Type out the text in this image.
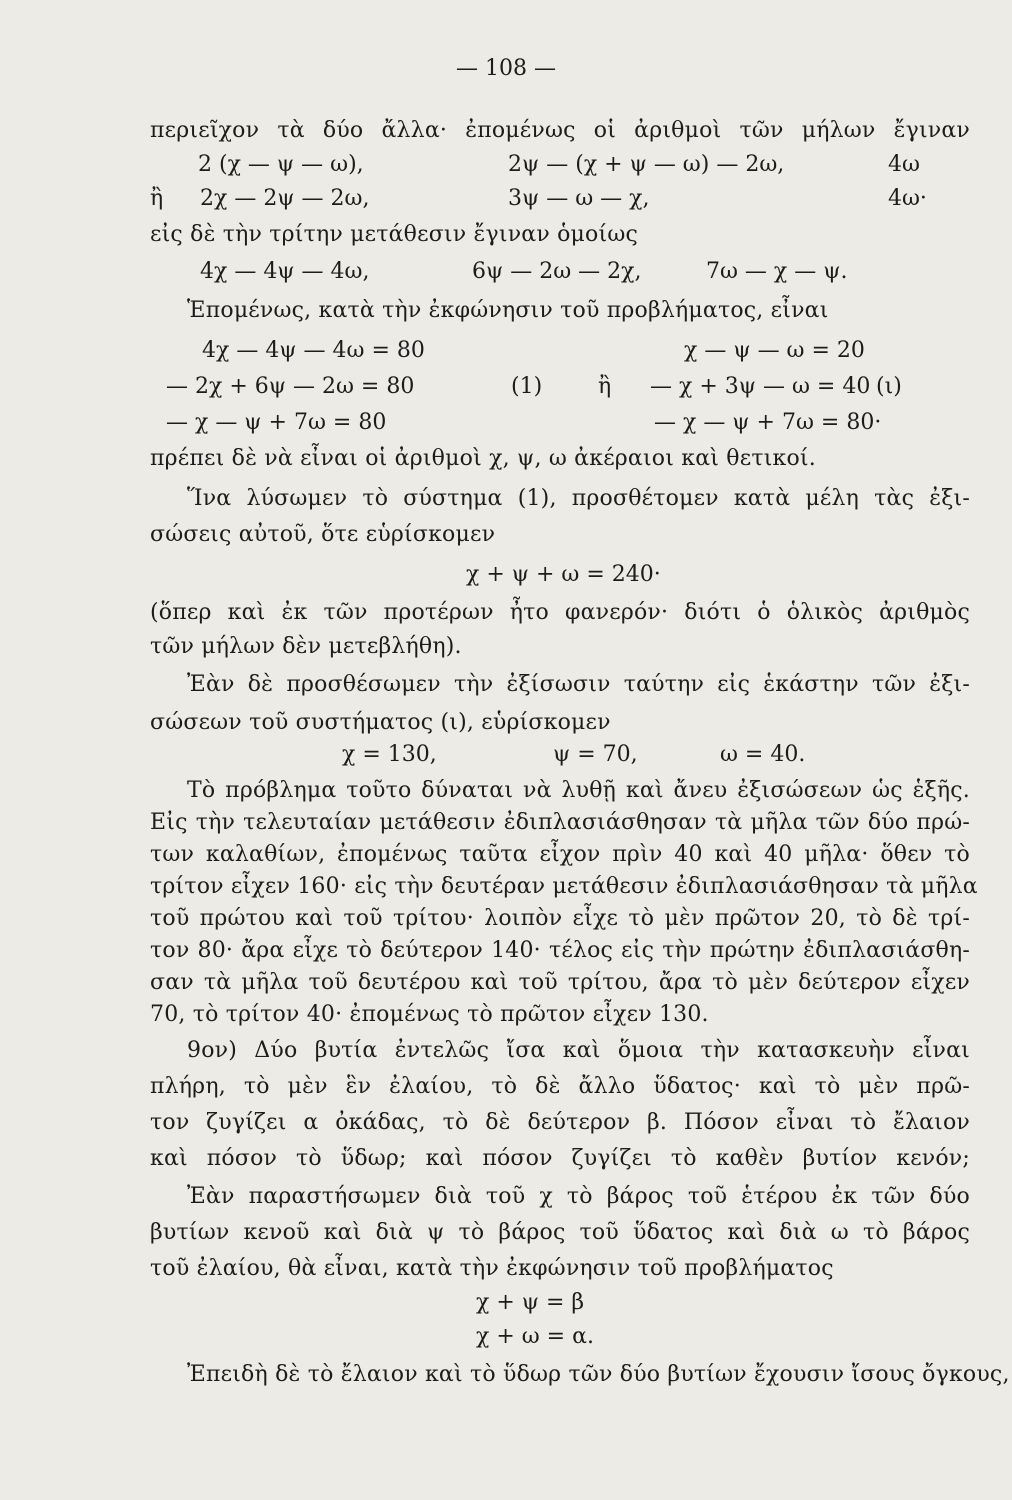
— 108 —
περιεῖχον τὰ δύο ἄλλα· ἐπομένως οἱ ἀριθμοὶ τῶν μήλων ἔγιναν
2 (χ — ψ — ω),	2ψ — (χ + ψ — ω) — 2ω,	4ω
ἢ 2χ — 2ψ — 2ω,	3ψ — ω — χ,	4ω·
εἰς δὲ τὴν τρίτην μετάθεσιν ἔγιναν ὁμοίως
4χ — 4ψ — 4ω,	6ψ — 2ω — 2χ,	7ω — χ — ψ.
Ἑπομένως, κατὰ τὴν ἐκφώνησιν τοῦ προβλήματος, εἶναι
4χ — 4ψ — 4ω = 80	χ — ψ — ω = 20
— 2χ + 6ψ — 2ω = 80	(1)	ἢ — χ + 3ψ — ω = 40 (ι)
— χ — ψ + 7ω = 80	— χ — ψ + 7ω = 80·
πρέπει δὲ νὰ εἶναι οἱ ἀριθμοὶ χ, ψ, ω ἀκέραιοι καὶ θετικοί.
Ἵνα λύσωμεν τὸ σύστημα (1), προσθέτομεν κατὰ μέλη τὰς ἐξι-
σώσεις αὐτοῦ, ὅτε εὑρίσκομεν
χ + ψ + ω = 240·
(ὅπερ καὶ ἐκ τῶν προτέρων ἦτο φανερόν· διότι ὁ ὁλικὸς ἀριθμὸς
τῶν μήλων δὲν μετεβλήθη).
Ἐὰν δὲ προσθέσωμεν τὴν ἐξίσωσιν ταύτην εἰς ἑκάστην τῶν ἐξι-
σώσεων τοῦ συστήματος (ι), εὑρίσκομεν
χ = 130,	ψ = 70,	ω = 40.
Τὸ πρόβλημα τοῦτο δύναται νὰ λυθῇ καὶ ἄνευ ἐξισώσεων ὡς ἑξῆς.
Εἰς τὴν τελευταίαν μετάθεσιν ἐδιπλασιάσθησαν τὰ μῆλα τῶν δύο πρώ-
των καλαθίων, ἐπομένως ταῦτα εἶχον πρὶν 40 καὶ 40 μῆλα· ὅθεν τὸ
τρίτον εἶχεν 160· εἰς τὴν δευτέραν μετάθεσιν ἐδιπλασιάσθησαν τὰ μῆλα
τοῦ πρώτου καὶ τοῦ τρίτου· λοιπὸν εἶχε τὸ μὲν πρῶτον 20, τὸ δὲ τρί-
τον 80· ἄρα εἶχε τὸ δεύτερον 140· τέλος εἰς τὴν πρώτην ἐδιπλασιάσθη-
σαν τὰ μῆλα τοῦ δευτέρου καὶ τοῦ τρίτου, ἄρα τὸ μὲν δεύτερον εἶχεν
70, τὸ τρίτον 40· ἐπομένως τὸ πρῶτον εἶχεν 130.
9ον) Δύο βυτία ἐντελῶς ἴσα καὶ ὅμοια τὴν κατασκευὴν εἶναι
πλήρη, τὸ μὲν ἓν ἐλαίου, τὸ δὲ ἄλλο ὕδατος· καὶ τὸ μὲν πρῶ-
τον ζυγίζει α ὀκάδας, τὸ δὲ δεύτερον β. Πόσον εἶναι τὸ ἔλαιον
καὶ πόσον τὸ ὕδωρ; καὶ πόσον ζυγίζει τὸ καθὲν βυτίον κενόν;
Ἐὰν παραστήσωμεν διὰ τοῦ χ τὸ βάρος τοῦ ἑτέρου ἐκ τῶν δύο
βυτίων κενοῦ καὶ διὰ ψ τὸ βάρος τοῦ ὕδατος καὶ διὰ ω τὸ βάρος
τοῦ ἐλαίου, θὰ εἶναι, κατὰ τὴν ἐκφώνησιν τοῦ προβλήματος
χ + ψ = β
χ + ω = α.
Ἐπειδὴ δὲ τὸ ἔλαιον καὶ τὸ ὕδωρ τῶν δύο βυτίων ἔχουσιν ἴσους ὄγκους,
